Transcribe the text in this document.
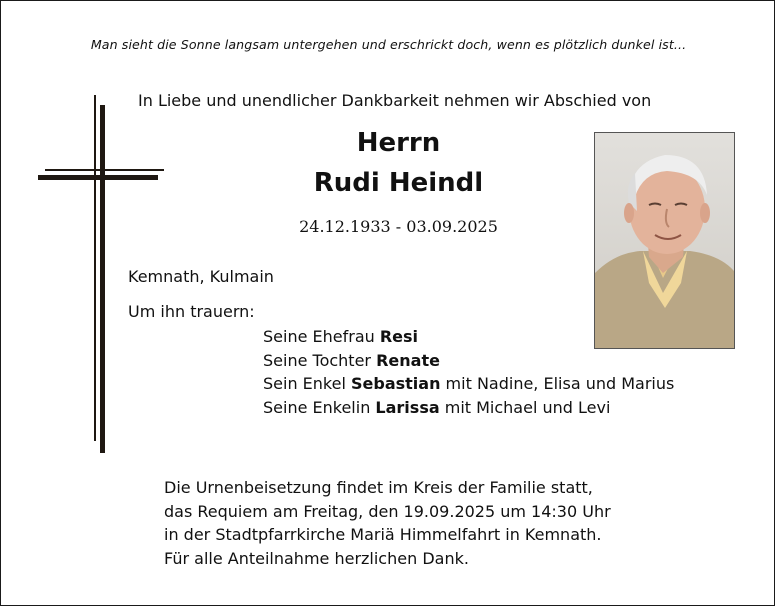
Man sieht die Sonne langsam untergehen und erschrickt doch, wenn es plötzlich dunkel ist...
In Liebe und unendlicher Dankbarkeit nehmen wir Abschied von
Herrn
Rudi Heindl
24.12.1933 - 03.09.2025
Kemnath, Kulmain
Um ihn trauern:
Seine Ehefrau Resi
Seine Tochter Renate
Sein Enkel Sebastian mit Nadine, Elisa und Marius
Seine Enkelin Larissa mit Michael und Levi
Die Urnenbeisetzung findet im Kreis der Familie statt,
das Requiem am Freitag, den 19.09.2025 um 14:30 Uhr
in der Stadtpfarrkirche Mariä Himmelfahrt in Kemnath.
Für alle Anteilnahme herzlichen Dank.
